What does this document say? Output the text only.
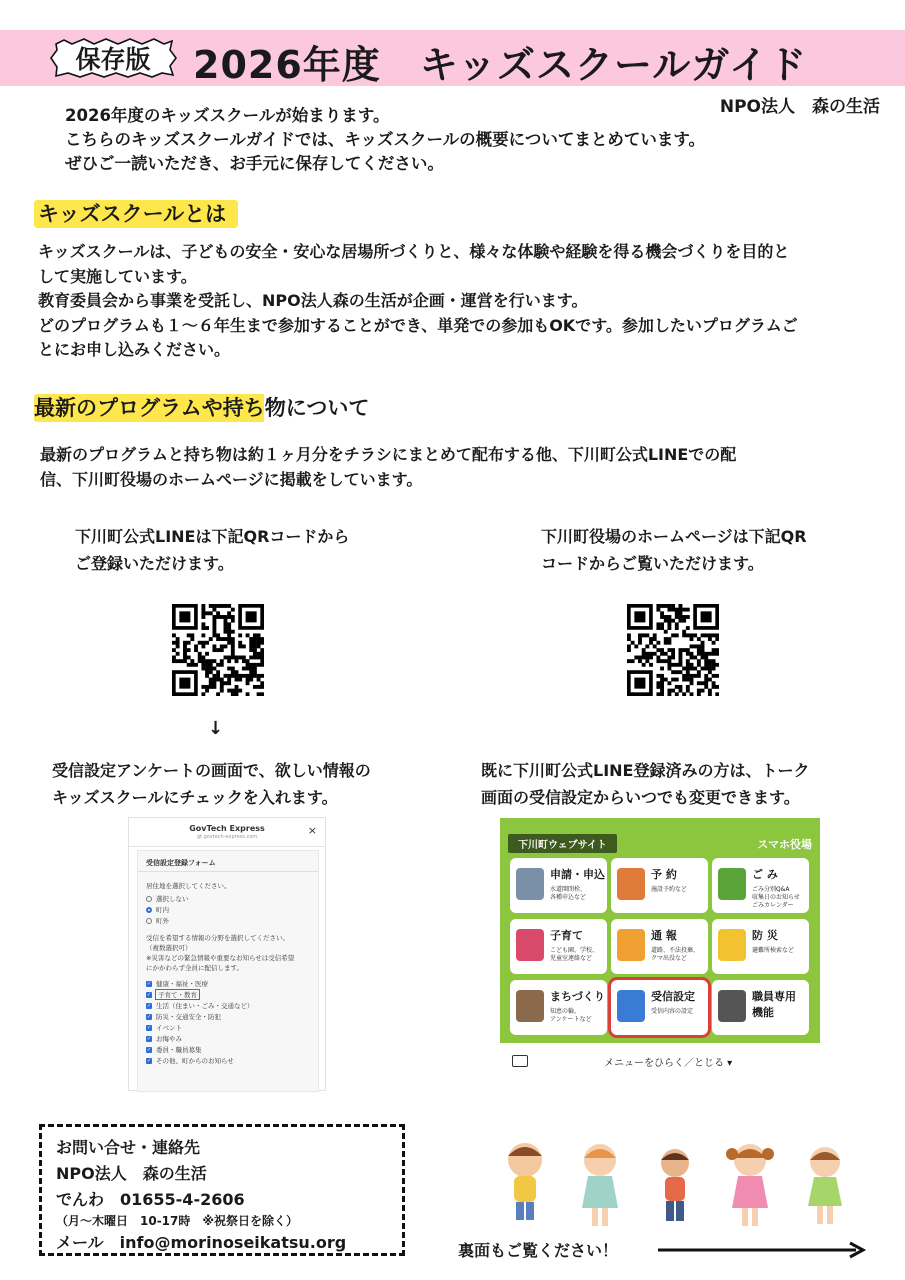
保存版 2026年度　キッズスクールガイド
NPO法人　森の生活
2026年度のキッズスクールが始まります。
こちらのキッズスクールガイドでは、キッズスクールの概要についてまとめています。
ぜひご一読いただき、お手元に保存してください。
キッズスクールとは
キッズスクールは、子どもの安全・安心な居場所づくりと、様々な体験や経験を得る機会づくりを目的と
して実施しています。
教育委員会から事業を受託し、NPO法人森の生活が企画・運営を行います。
どのプログラムも１～６年生まで参加することができ、単発での参加もOKです。参加したいプログラムご
とにお申し込みください。
最新のプログラムや持ち物について
最新のプログラムと持ち物は約１ヶ月分をチラシにまとめて配布する他、下川町公式LINEでの配
信、下川町役場のホームページに掲載をしています。
下川町公式LINEは下記QRコードから
ご登録いただけます。
下川町役場のホームページは下記QR
コードからご覧いただけます。
↓
受信設定アンケートの画面で、欲しい情報の
キッズスクールにチェックを入れます。
既に下川町公式LINE登録済みの方は、トーク
画面の受信設定からいつでも変更できます。
GovTech Express
gt.govtech-express.com	×
受信設定登録フォーム
居住地を選択してください。
選択しない
町内
町外
受信を希望する情報の分野を選択してください。
（複数選択可）
※災害などの緊急情報や重要なお知らせは受信希望
にかかわらず全員に配信します。
✓ 健康・福祉・医療
✓	子育て・教育
✓ 生活（住まい・ごみ・交通など）
✓ 防災・交通安全・防犯
✓ イベント
✓ お悔やみ
✓ 委員・職員募集
✓ その他、町からのお知らせ
下川町ウェブサイト	スマホ役場
申請・申込
水道開閉栓、
各種申込など
予 約
施設予約など
ご み
ごみ分別Q&A
収集日のお知らせ
ごみカレンダー
子育て
こども園、学校、
児童室連絡など
通 報
道路、不法投棄、
クマ出没など
防 災
避難所検索など
まちづくり
知恵の輪、
アンケートなど
受信設定
受信内容の設定
職員専用
機能
メニューをひらく／とじる ▾
お問い合せ・連絡先
NPO法人　森の生活
でんわ　01655-4-2606
（月～木曜日　10-17時　※祝祭日を除く）
メール　info@morinoseikatsu.org	裏面もご覧ください！
